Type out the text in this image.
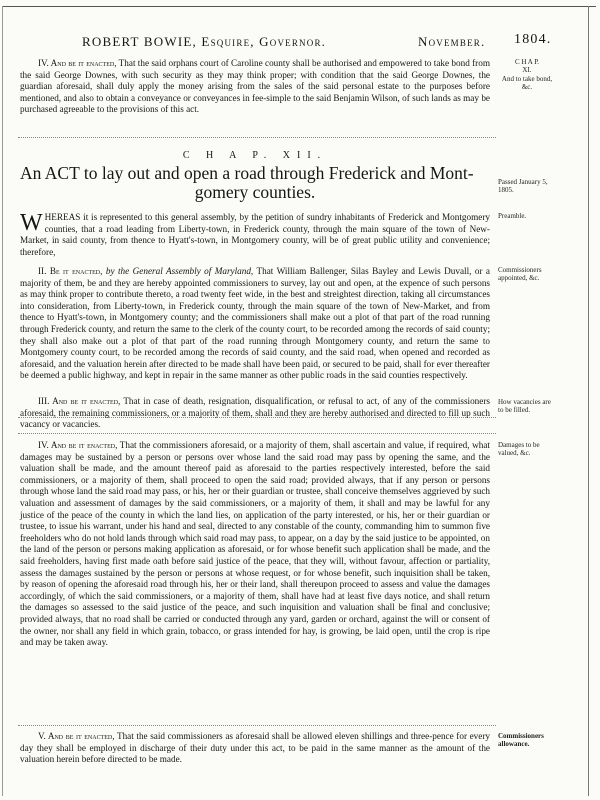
ROBERT BOWIE, Esquire, Governor.	November. 1804.

IV. And be it enacted, That the said orphans court of Caroline county shall be authorised and empowered to take bond from the said George Downes, with such security as they may think proper; with condition that the said George Downes, the guardian aforesaid, shall duly apply the money arising from the sales of the said personal estate to the purposes before mentioned, and also to obtain a conveyance or conveyances in fee-simple to the said Benjamin Wilson, of such lands as may be purchased agreeable to the provisions of this act.

C H A P. XII.
An ACT to lay out and open a road through Frederick and Mont-
gomery counties.

WHEREAS it is represented to this general assembly, by the petition of sundry inhabitants of Frederick and Montgomery counties, that a road leading from Liberty-town, in Frederick county, through the main square of the town of New-Market, in said county, from thence to Hyatt's-town, in Montgomery county, will be of great public utility and convenience; therefore,

II. Be it enacted, by the General Assembly of Maryland, That William Ballenger, Silas Bayley and Lewis Duvall, or a majority of them, be and they are hereby appointed commissioners to survey, lay out and open, at the expence of such persons as may think proper to contribute thereto, a road twenty feet wide, in the best and streightest direction, taking all circumstances into consideration, from Liberty-town, in Frederick county, through the main square of the town of New-Market, and from thence to Hyatt's-town, in Montgomery county; and the commissioners shall make out a plot of that part of the road running through Frederick county, and return the same to the clerk of the county court, to be recorded among the records of said county; they shall also make out a plot of that part of the road running through Montgomery county, and return the same to Montgomery county court, to be recorded among the records of said county, and the said road, when opened and recorded as aforesaid, and the valuation herein after directed to be made shall have been paid, or secured to be paid, shall for ever thereafter be deemed a public highway, and kept in repair in the same manner as other public roads in the said counties respectively.

III. And be it enacted, That in case of death, resignation, disqualification, or refusal to act, of any of the commissioners aforesaid, the remaining commissioners, or a majority of them, shall and they are hereby authorised and directed to fill up such vacancy or vacancies.

IV. And be it enacted, That the commissioners aforesaid, or a majority of them, shall ascertain and value, if required, what damages may be sustained by a person or persons over whose land the said road may pass by opening the same, and the valuation shall be made, and the amount thereof paid as aforesaid to the parties respectively interested, before the said commissioners, or a majority of them, shall proceed to open the said road; provided always, that if any person or persons through whose land the said road may pass, or his, her or their guardian or trustee, shall conceive themselves aggrieved by such valuation and assessment of damages by the said commissioners, or a majority of them, it shall and may be lawful for any justice of the peace of the county in which the land lies, on application of the party interested, or his, her or their guardian or trustee, to issue his warrant, under his hand and seal, directed to any constable of the county, commanding him to summon five freeholders who do not hold lands through which said road may pass, to appear, on a day by the said justice to be appointed, on the land of the person or persons making application as aforesaid, or for whose benefit such application shall be made, and the said freeholders, having first made oath before said justice of the peace, that they will, without favour, affection or partiality, assess the damages sustained by the person or persons at whose request, or for whose benefit, such inquisition shall be taken, by reason of opening the aforesaid road through his, her or their land, shall thereupon proceed to assess and value the damages accordingly, of which the said commissioners, or a majority of them, shall have had at least five days notice, and shall return the damages so assessed to the said justice of the peace, and such inquisition and valuation shall be final and conclusive; provided always, that no road shall be carried or conducted through any yard, garden or orchard, against the will or consent of the owner, nor shall any field in which grain, tobacco, or grass intended for hay, is growing, be laid open, until the crop is ripe and may be taken away.

V. And be it enacted, That the said commissioners as aforesaid shall be allowed eleven shillings and three-pence for every day they shall be employed in discharge of their duty under this act, to be paid in the same manner as the amount of the valuation herein before directed to be made.

C H A P.
XI.
And to take bond, &c.
Passed January 5, 1805.
Preamble.
Commissioners appointed, &c.
How vacancies are to be filled.
Damages to be valued, &c.
Commissioners allowance.
